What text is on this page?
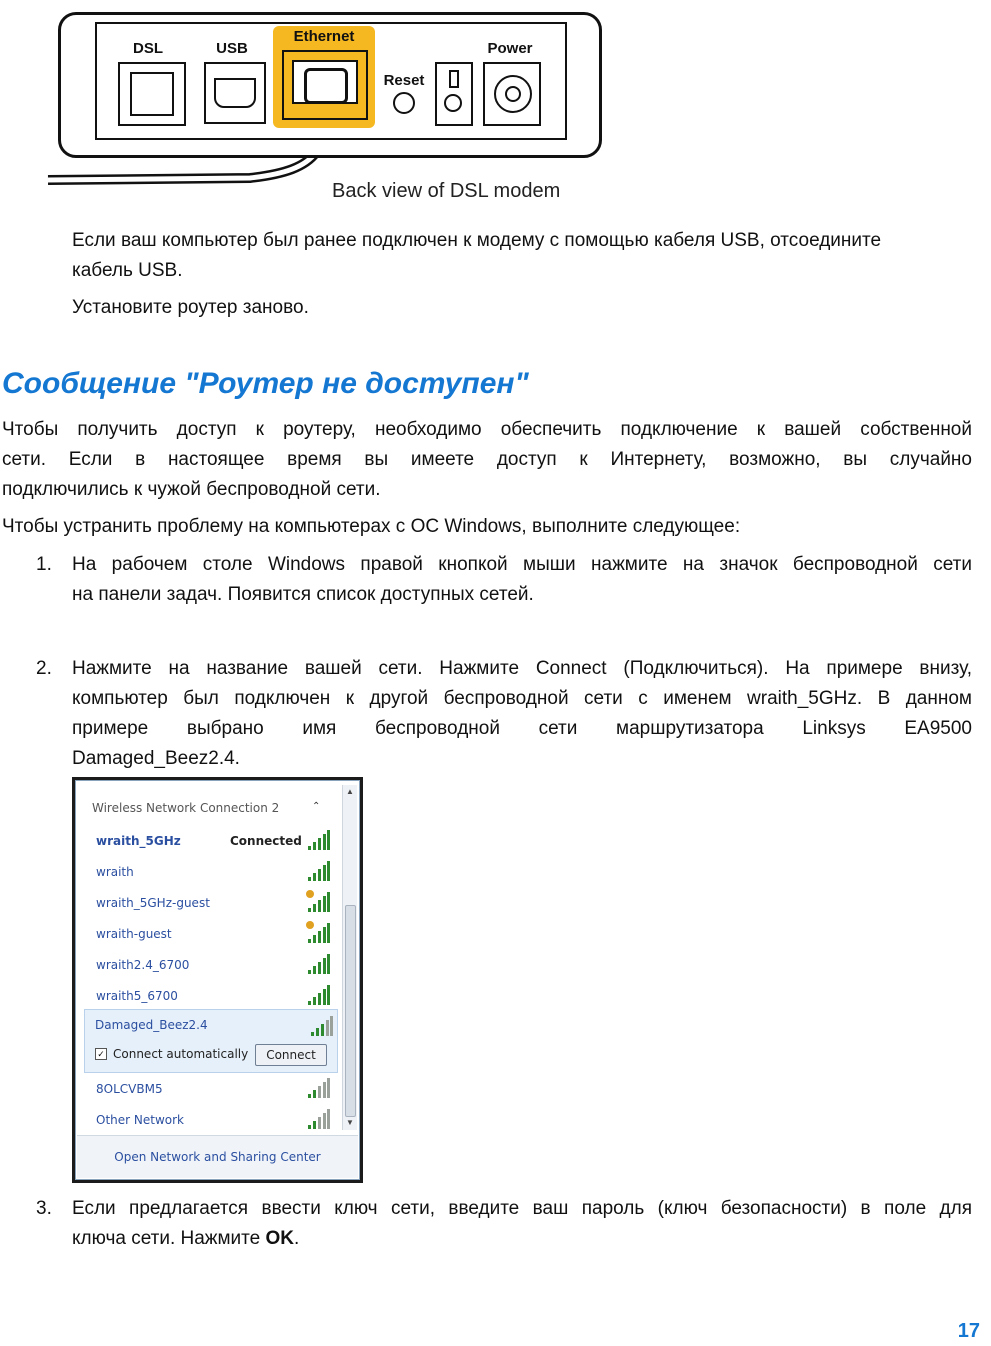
DSL	USB
Ethernet
Reset
Power
Back view of DSL modem
Если ваш компьютер был ранее подключен к модему с помощью кабеля USB, отсоедините
кабель USB.
Установите роутер заново.
Сообщение "Роутер не доступен"
Чтобы получить доступ к роутеру, необходимо обеспечить подключение к вашей собственной
сети. Если в настоящее время вы имеете доступ к Интернету, возможно, вы случайно
подключились к чужой беспроводной сети.
Чтобы устранить проблему на компьютерах с ОС Windows, выполните следующее:
1.	На рабочем столе Windows правой кнопкой мыши нажмите на значок беспроводной сети
на панели задач. Появится список доступных сетей.
2.	Нажмите на название вашей сети. Нажмите Connect (Подключиться). На примере внизу,
компьютер был подключен к другой беспроводной сети с именем wraith_5GHz. В данном
примере выбрано имя беспроводной сети маршрутизатора Linksys EA9500
Damaged_Beez2.4.
▲
▼
Wireless Network Connection 2	⌃
wraith_5GHz	Connected
wraith
wraith_5GHz-guest
wraith-guest
wraith2.4_6700
wraith5_6700
Damaged_Beez2.4
✓ Connect automatically	Connect
8OLCVBM5
Other Network
Open Network and Sharing Center
3.	Если предлагается ввести ключ сети, введите ваш пароль (ключ безопасности) в поле для
ключа сети. Нажмите OK.
17
